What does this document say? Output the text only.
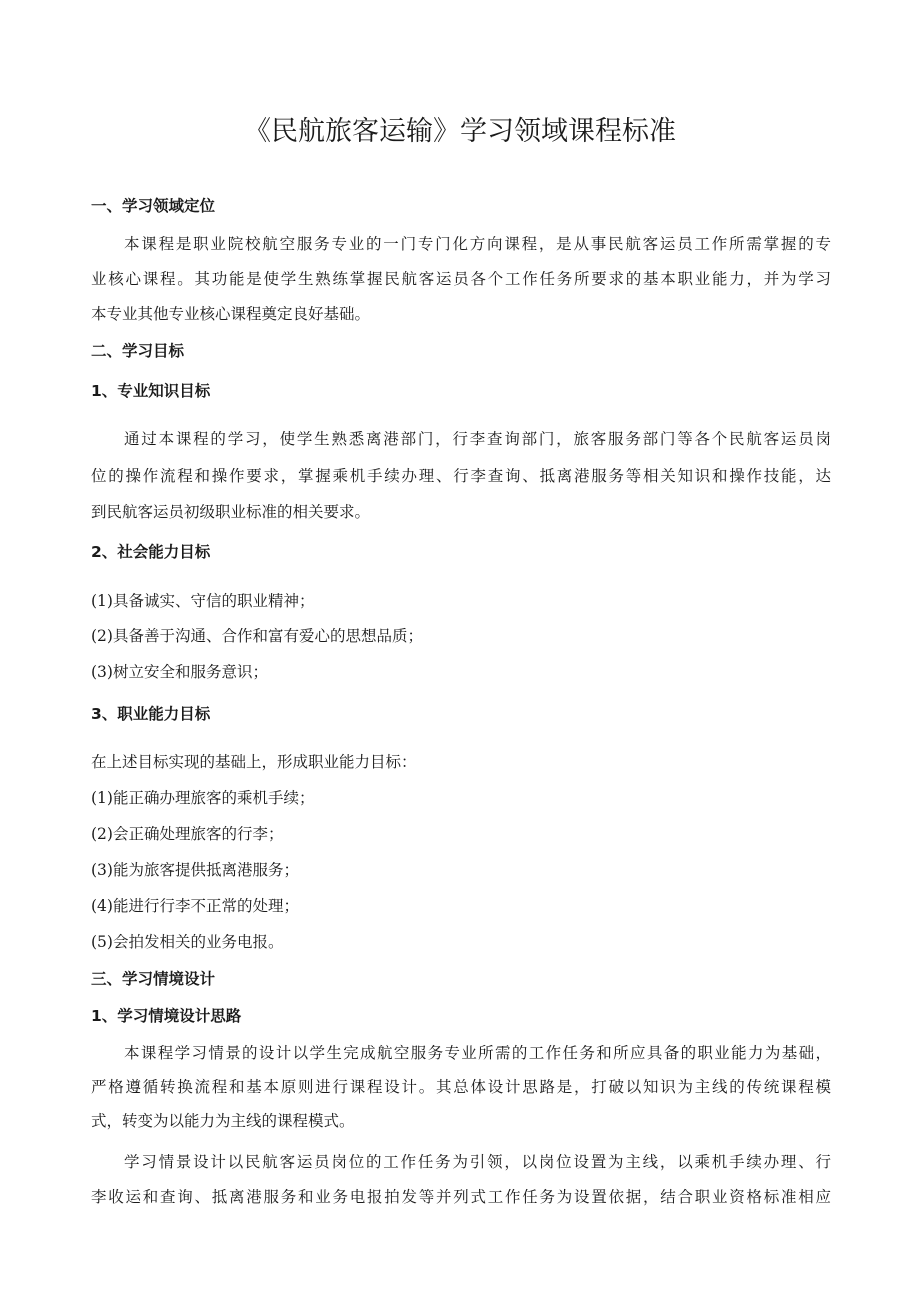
《民航旅客运输》学习领域课程标准
一、学习领域定位
本课程是职业院校航空服务专业的一门专门化方向课程，是从事民航客运员工作所需掌握的专
业核心课程。其功能是使学生熟练掌握民航客运员各个工作任务所要求的基本职业能力，并为学习
本专业其他专业核心课程奠定良好基础。
二、学习目标
1、专业知识目标
通过本课程的学习，使学生熟悉离港部门，行李查询部门，旅客服务部门等各个民航客运员岗
位的操作流程和操作要求，掌握乘机手续办理、行李查询、抵离港服务等相关知识和操作技能，达
到民航客运员初级职业标准的相关要求。
2、社会能力目标
(1)具备诚实、守信的职业精神；
(2)具备善于沟通、合作和富有爱心的思想品质；
(3)树立安全和服务意识；
3、职业能力目标
在上述目标实现的基础上，形成职业能力目标：
(1)能正确办理旅客的乘机手续；
(2)会正确处理旅客的行李；
(3)能为旅客提供抵离港服务；
(4)能进行行李不正常的处理；
(5)会拍发相关的业务电报。
三、学习情境设计
1、学习情境设计思路
本课程学习情景的设计以学生完成航空服务专业所需的工作任务和所应具备的职业能力为基础，
严格遵循转换流程和基本原则进行课程设计。其总体设计思路是，打破以知识为主线的传统课程模
式，转变为以能力为主线的课程模式。
学习情景设计以民航客运员岗位的工作任务为引领，以岗位设置为主线，以乘机手续办理、行
李收运和查询、抵离港服务和业务电报拍发等并列式工作任务为设置依据，结合职业资格标准相应
